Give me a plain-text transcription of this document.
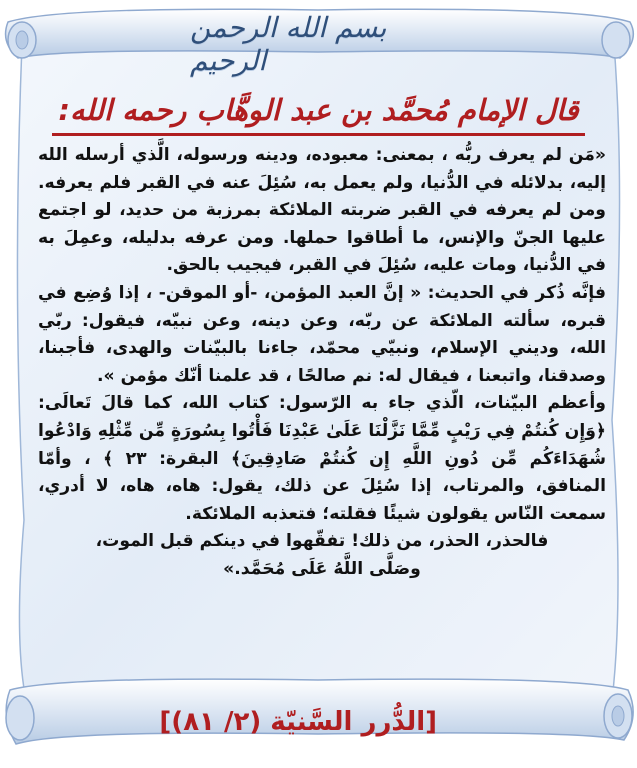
بسم الله الرحمن الرحيم
قال الإمام مُحمَّد بن عبد الوهَّاب رحمه الله:

«مَن لم يعرف ربُّه ، بمعنى: معبوده، ودينه ورسوله، الَّذي أرسله الله إليه، بدلائله في الدُّنيا، ولم يعمل به، سُئِلَ عنه في القبر فلم يعرفه. ومن لم يعرفه في القبر ضربته الملائكة بمرزبة من حديد، لو اجتمع عليها الجنّ والإنس، ما أطاقوا حملها. ومن عرفه بدليله، وعمِلَ به في الدُّنيا، ومات عليه، سُئِلَ في القبر، فيجيب بالحق.

فإنَّه ذُكر في الحديث: « إنَّ العبد المؤمن، -أو الموقن- ، إذا وُضِع في قبره، سألته الملائكة عن ربّه، وعن دينه، وعن نبيّه، فيقول: ربّي الله، وديني الإسلام، ونبيّي محمّد، جاءنا بالبيّنات والهدى، فأجبنا، وصدقنا، واتبعنا ، فيقال له: نم صالحًا ، قد علمنا أنّك مؤمن ».

وأعظم البيّنات، الّذي جاء به الرّسول: كتاب الله، كما قالَ تَعالَى: ﴿وَإِن كُنتُمْ فِي رَيْبٍ مِّمَّا نَزَّلْنَا عَلَىٰ عَبْدِنَا فَأْتُوا بِسُورَةٍ مِّن مِّثْلِهِ وَادْعُوا شُهَدَاءَكُم مِّن دُونِ اللَّهِ إِن كُنتُمْ صَادِقِينَ﴾ البقرة: ٢٣ ﴾ ، وأمّا المنافق، والمرتاب، إذا سُئِلَ عن ذلك، يقول: هاه، هاه، لا أدري، سمعت النّاس يقولون شيئًا فقلته؛ فتعذبه الملائكة.

فالحذر، الحذر، من ذلك! تفقّهوا في دينكم قبل الموت،

وصَلَّى اللَّهُ عَلَى مُحَمَّد.»

[الدُّرر السَّنيّة (٢/ ٨١)]
